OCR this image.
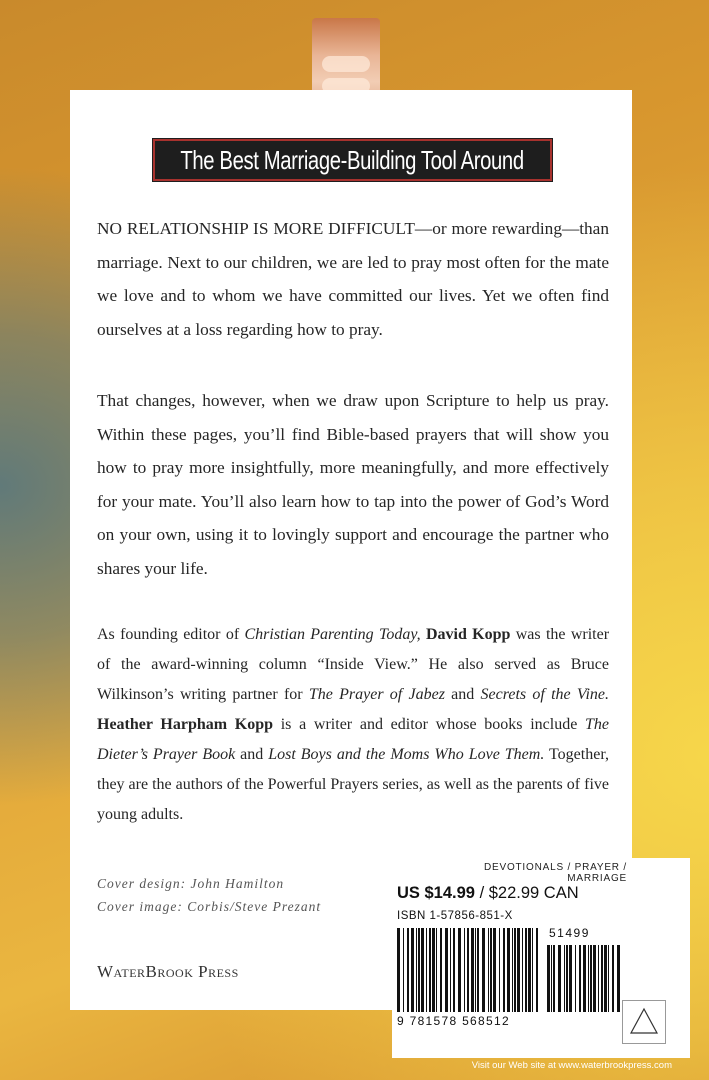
The Best Marriage-Building Tool Around

NO RELATIONSHIP IS MORE DIFFICULT—or more rewarding—than marriage. Next to our children, we are led to pray most often for the mate we love and to whom we have committed our lives. Yet we often find ourselves at a loss regarding how to pray.

That changes, however, when we draw upon Scripture to help us pray. Within these pages, you’ll find Bible-based prayers that will show you how to pray more insightfully, more meaningfully, and more effectively for your mate. You’ll also learn how to tap into the power of God’s Word on your own, using it to lovingly support and encourage the partner who shares your life.

As founding editor of Christian Parenting Today, David Kopp was the writer of the award-winning column “Inside View.” He also served as Bruce Wilkinson’s writing partner for The Prayer of Jabez and Secrets of the Vine. Heather Harpham Kopp is a writer and editor whose books include The Dieter’s Prayer Book and Lost Boys and the Moms Who Love Them. Together, they are the authors of the Powerful Prayers series, as well as the parents of five young adults.

Cover design: John Hamilton
Cover image: Corbis/Steve Prezant

WaterBrook Press
DEVOTIONALS / PRAYER / MARRIAGE
US $14.99 / $22.99 CAN
ISBN 1-57856-851-X
9 781578 568512
51499
Visit our Web site at www.waterbrookpress.com
